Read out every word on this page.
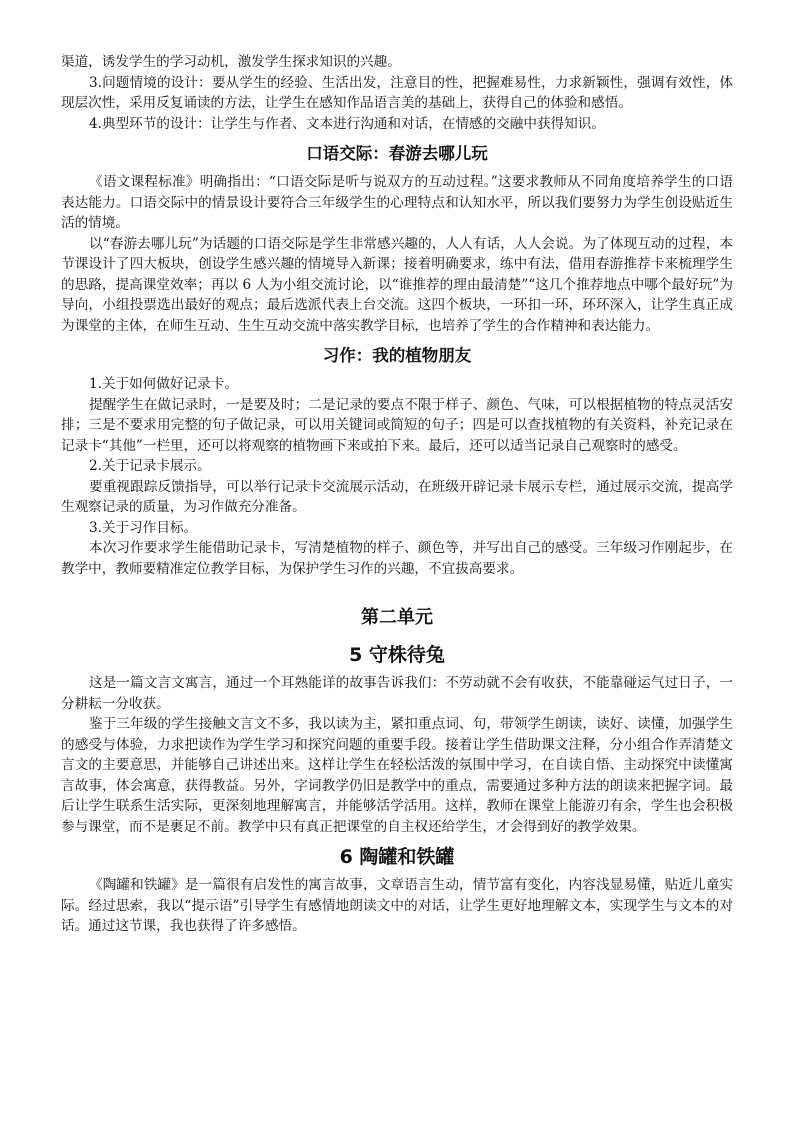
渠道，诱发学生的学习动机，激发学生探求知识的兴趣。

3.问题情境的设计：要从学生的经验、生活出发，注意目的性，把握难易性，力求新颖性，强调有效性，体现层次性，采用反复诵读的方法，让学生在感知作品语言美的基础上，获得自己的体验和感悟。

4.典型环节的设计：让学生与作者、文本进行沟通和对话，在情感的交融中获得知识。

口语交际：春游去哪儿玩

《语文课程标准》明确指出：“口语交际是听与说双方的互动过程。”这要求教师从不同角度培养学生的口语表达能力。口语交际中的情景设计要符合三年级学生的心理特点和认知水平，所以我们要努力为学生创设贴近生活的情境。

以“春游去哪儿玩”为话题的口语交际是学生非常感兴趣的，人人有话，人人会说。为了体现互动的过程，本节课设计了四大板块，创设学生感兴趣的情境导入新课；接着明确要求，练中有法，借用春游推荐卡来梳理学生的思路，提高课堂效率；再以 6 人为小组交流讨论，以“谁推荐的理由最清楚”“这几个推荐地点中哪个最好玩”为导向，小组投票选出最好的观点；最后选派代表上台交流。这四个板块，一环扣一环，环环深入，让学生真正成为课堂的主体，在师生互动、生生互动交流中落实教学目标，也培养了学生的合作精神和表达能力。

习作：我的植物朋友

1.关于如何做好记录卡。

提醒学生在做记录时，一是要及时；二是记录的要点不限于样子、颜色、气味，可以根据植物的特点灵活安排；三是不要求用完整的句子做记录，可以用关键词或简短的句子；四是可以查找植物的有关资料，补充记录在记录卡“其他”一栏里，还可以将观察的植物画下来或拍下来。最后，还可以适当记录自己观察时的感受。

2.关于记录卡展示。

要重视跟踪反馈指导，可以举行记录卡交流展示活动，在班级开辟记录卡展示专栏，通过展示交流，提高学生观察记录的质量，为习作做充分准备。

3.关于习作目标。

本次习作要求学生能借助记录卡，写清楚植物的样子、颜色等，并写出自己的感受。三年级习作刚起步，在教学中，教师要精准定位教学目标，为保护学生习作的兴趣，不宜拔高要求。

第二单元
5 守株待兔

这是一篇文言文寓言，通过一个耳熟能详的故事告诉我们：不劳动就不会有收获，不能靠碰运气过日子，一分耕耘一分收获。

鉴于三年级的学生接触文言文不多，我以读为主，紧扣重点词、句，带领学生朗读，读好、读懂，加强学生的感受与体验，力求把读作为学生学习和探究问题的重要手段。接着让学生借助课文注释，分小组合作弄清楚文言文的主要意思，并能够自己讲述出来。这样让学生在轻松活泼的氛围中学习，在自读自悟、主动探究中读懂寓言故事，体会寓意，获得教益。另外，字词教学仍旧是教学中的重点，需要通过多种方法的朗读来把握字词。最后让学生联系生活实际，更深刻地理解寓言，并能够活学活用。这样，教师在课堂上能游刃有余，学生也会积极参与课堂，而不是裹足不前。教学中只有真正把课堂的自主权还给学生，才会得到好的教学效果。

6 陶罐和铁罐

《陶罐和铁罐》是一篇很有启发性的寓言故事，文章语言生动，情节富有变化，内容浅显易懂，贴近儿童实际。经过思索，我以“提示语”引导学生有感情地朗读文中的对话，让学生更好地理解文本，实现学生与文本的对话。通过这节课，我也获得了许多感悟。
